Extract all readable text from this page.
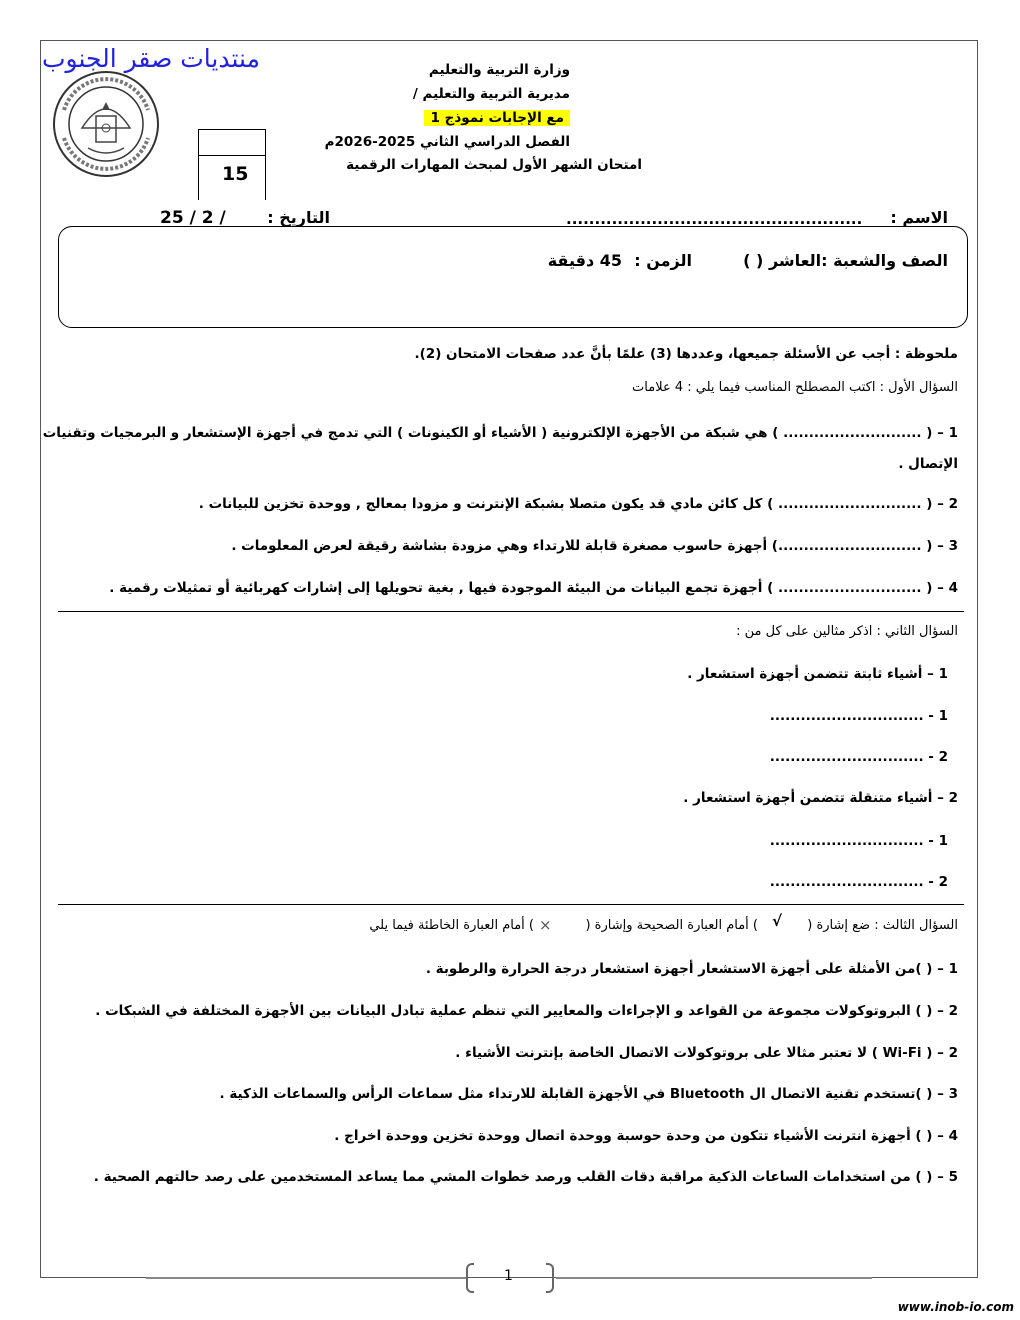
منتديات صقر الجنوب	وزارة التربية والتعليم
مديرية التربية والتعليم /
مع الإجابات نموذج 1
الفصل الدراسي الثاني 2025-2026م
امتحان الشهر الأول لمبحث المهارات الرقمية
15
الاسم :
....................................................
التاريخ :
25 / 2 /
الصف والشعبة :العاشر ( )
الزمن :
45 دقيقة
ملحوظة : أجب عن الأسئلة جميعها، وعددها (3) علمًا بأنَّ عدد صفحات الامتحان (2).
السؤال الأول : اكتب المصطلح المناسب فيما يلي : 4 علامات
1 – ( ........................... ) هي شبكة من الأجهزة الإلكترونية ( الأشياء أو الكينونات ) التي تدمج في أجهزة الإستشعار و البرمجيات وتقنيات
الإتصال .
2 – ( ............................ ) كل كائن مادي قد يكون متصلا بشبكة الإنترنت و مزودا بمعالج , ووحدة تخزين للبيانات .
3 – ( ............................) أجهزة حاسوب مصغرة قابلة للارتداء وهي مزودة بشاشة رقيقة لعرض المعلومات .
4 – ( ............................ ) أجهزة تجمع البيانات من البيئة الموجودة فيها , بغية تحويلها إلى إشارات كهربائية أو تمثيلات رقمية .
السؤال الثاني : اذكر مثالين على كل من :
1 – أشياء ثابتة تتضمن أجهزة استشعار .
1 - ..............................
2 - ..............................
2 – أشياء متنقلة تتضمن أجهزة استشعار .
1 - ..............................
2 - ..............................
السؤال الثالث : ضع إشارة (
√
) أمام العبارة الصحيحة وإشارة (
×
) أمام العبارة الخاطئة فيما يلي
1 – ( )من الأمثلة على أجهزة الاستشعار أجهزة استشعار درجة الحرارة والرطوبة .
2 – ( ) البروتوكولات مجموعة من القواعد و الإجراءات والمعايير التي تنظم عملية تبادل البيانات بين الأجهزة المختلفة في الشبكات .
2 – ( Wi-Fi ) لا تعتبر مثالا على بروتوكولات الاتصال الخاصة بإنترنت الأشياء .
3 – ( )تستخدم تقنية الاتصال ال Bluetooth في الأجهزة القابلة للارتداء مثل سماعات الرأس والسماعات الذكية .
4 – ( ) أجهزة انترنت الأشياء تتكون من وحدة حوسبة ووحدة اتصال ووحدة تخزين ووحدة اخراج .
5 – ( ) من استخدامات الساعات الذكية مراقبة دقات القلب ورصد خطوات المشي مما يساعد المستخدمين على رصد حالتهم الصحية .
1
www.inob-io.com
